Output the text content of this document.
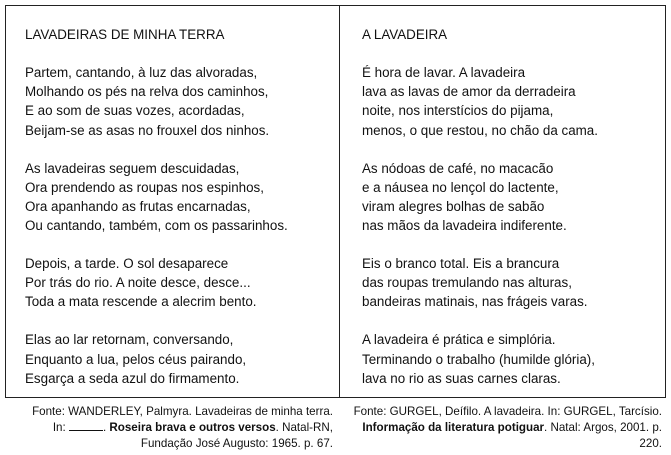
LAVADEIRAS DE MINHA TERRA
Partem, cantando, à luz das alvoradas,
Molhando os pés na relva dos caminhos,
E ao som de suas vozes, acordadas,
Beijam-se as asas no frouxel dos ninhos.
As lavadeiras seguem descuidadas,
Ora prendendo as roupas nos espinhos,
Ora apanhando as frutas encarnadas,
Ou cantando, também, com os passarinhos.
Depois, a tarde. O sol desaparece
Por trás do rio. A noite desce, desce...
Toda a mata rescende a alecrim bento.
Elas ao lar retornam, conversando,
Enquanto a lua, pelos céus pairando,
Esgarça a seda azul do firmamento.
A LAVADEIRA
É hora de lavar. A lavadeira
lava as lavas de amor da derradeira
noite, nos interstícios do pijama,
menos, o que restou, no chão da cama.
As nódoas de café, no macacão
e a náusea no lençol do lactente,
viram alegres bolhas de sabão
nas mãos da lavadeira indiferente.
Eis o branco total. Eis a brancura
das roupas tremulando nas alturas,
bandeiras matinais, nas frágeis varas.
A lavadeira é prática e simplória.
Terminando o trabalho (humilde glória),
lava no rio as suas carnes claras.
Fonte: WANDERLEY, Palmyra. Lavadeiras de minha terra.
In:	. Roseira brava e outros versos. Natal-RN,
Fundação José Augusto: 1965. p. 67.
Fonte: GURGEL, Deífilo. A lavadeira. In: GURGEL, Tarcísio.
Informação da literatura potiguar. Natal: Argos, 2001. p.
220.
